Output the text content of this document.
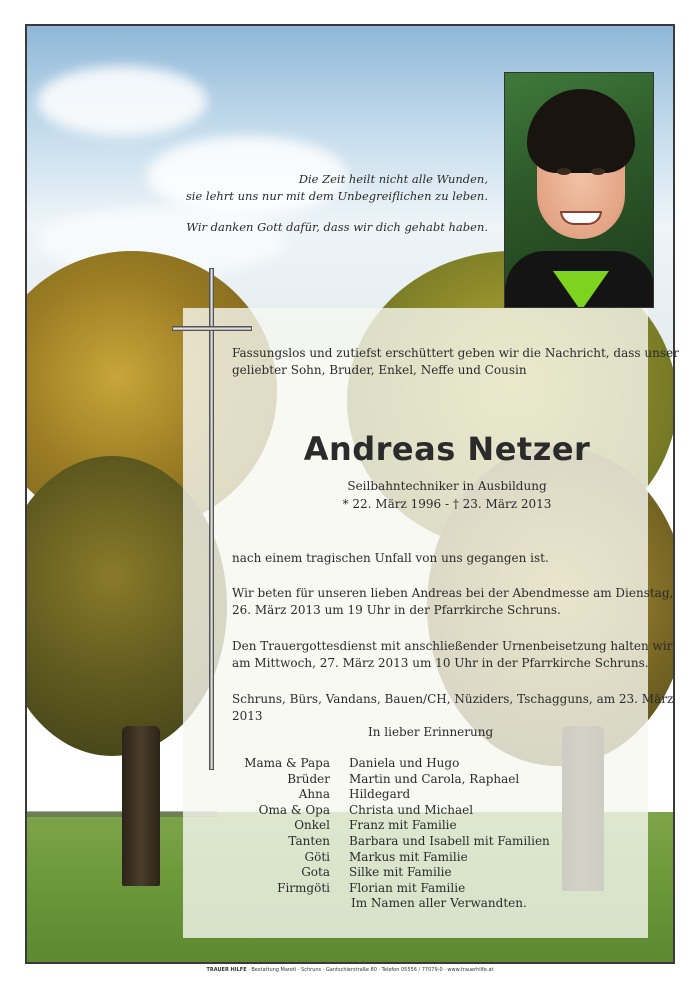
Die Zeit heilt nicht alle Wunden,
sie lehrt uns nur mit dem Unbegreiflichen zu leben.
Wir danken Gott dafür, dass wir dich gehabt haben.
Fassungslos und zutiefst erschüttert geben wir die Nachricht, dass unser
geliebter Sohn, Bruder, Enkel, Neffe und Cousin
Andreas Netzer
Seilbahntechniker in Ausbildung
* 22. März 1996 - † 23. März 2013
nach einem tragischen Unfall von uns gegangen ist.
Wir beten für unseren lieben Andreas bei der Abendmesse am Dienstag,
26. März 2013 um 19 Uhr in der Pfarrkirche Schruns.
Den Trauergottesdienst mit anschließender Urnenbeisetzung halten wir
am Mittwoch, 27. März 2013 um 10 Uhr in der Pfarrkirche Schruns.
Schruns, Bürs, Vandans, Bauen/CH, Nüziders, Tschagguns, am 23. März 2013
In lieber Erinnerung
Mama & Papa	Daniela und Hugo
Brüder	Martin und Carola, Raphael
Ahna	Hildegard
Oma & Opa	Christa und Michael
Onkel	Franz mit Familie
Tanten	Barbara und Isabell mit Familien
Göti	Markus mit Familie
Gota	Silke mit Familie
Firmgöti	Florian mit Familie
Im Namen aller Verwandten.
TRAUER HILFE · Bestattung Mareti · Schruns · Gantschierstraße 80 · Telefon 05556 / 77079-0 · www.trauerhilfe.at
